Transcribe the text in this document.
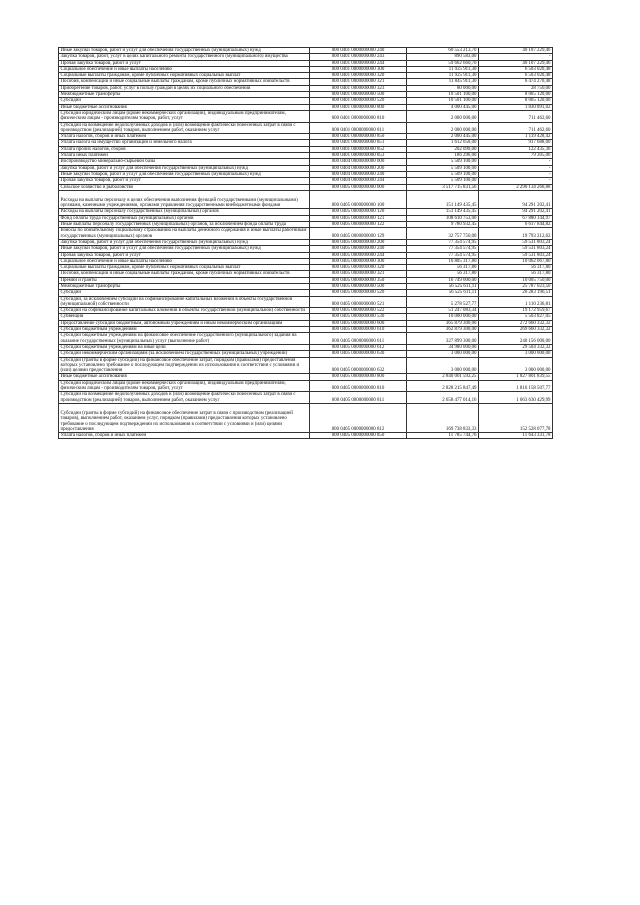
Иные закупки товаров, работ и услуг для обеспечения государственных (муниципальных) нужд	000 0401 0000000000 240	60 553 213,70	40 107 229,46
Закупка товаров, работ, услуг в целях капитального ремонта государственного (муниципального) имущества	000 0401 0000000000 243	890 583,00	-
Прочая закупка товаров, работ и услуг	000 0401 0000000000 244	59 662 660,70	40 107 229,46
Социальное обеспечение и иные выплаты населению	000 0401 0000000000 300	11 925 911,30	6 503 020,48
Социальные выплаты гражданам, кроме публичных нормативных социальных выплат	000 0401 0000000000 320	11 925 911,30	6 503 020,48
Пособия, компенсации и иные социальные выплаты гражданам, кроме публичных нормативных обязательств	000 0401 0000000000 321	11 845 911,30	6 474 270,48
Приобретение товаров, работ, услуг в пользу граждан в целях их социального обеспечения	000 0401 0000000000 323	80 000,00	28 750,00
Межбюджетные трансферты	000 0401 0000000000 500	10 501 100,00	8 065 120,00
Субсидии	000 0401 0000000000 520	10 501 100,00	8 065 120,00
Иные бюджетные ассигнования	000 0401 0000000000 800	4 000 445,00	1 830 891,02
Субсидии юридическим лицам (кроме некоммерческих организаций), индивидуальным предпринимателям, физическим лицам - производителям товаров, работ, услуг	000 0401 0000000000 810	2 000 000,00	711 462,60
Субсидии на возмещение недополученных доходов и (или) возмещение фактически понесенных затрат в связи с производством (реализацией) товаров, выполнением работ, оказанием услуг	000 0401 0000000000 811	2 000 000,00	711 462,60
Уплата налогов, сборов и иных платежей	000 0401 0000000000 850	2 000 445,00	1 119 428,42
Уплата налога на имущество организаций и земельного налога	000 0401 0000000000 851	1 612 050,00	917 688,00
Уплата прочих налогов, сборов	000 0401 0000000000 852	202 099,00	122 435,36
Уплата иных платежей	000 0401 0000000000 853	186 296,00	79 305,06
Воспроизводство минерально-сырьевой базы	000 0404 0000000000 000	5 509 100,00	-
Закупка товаров, работ и услуг для обеспечения государственных (муниципальных) нужд	000 0404 0000000000 200	5 509 100,00	-
Иные закупки товаров, работ и услуг для обеспечения государственных (муниципальных) нужд	000 0404 0000000000 240	5 509 100,00	-
Прочая закупка товаров, работ и услуг	000 0404 0000000000 244	5 509 100,00	-
Сельское хозяйство и рыболовство	000 0405 0000000000 000	3 517 715 831,56	2 290 134 268,88
Расходы на выплаты персоналу в целях обеспечения выполнения функций государственными (муниципальными) органами, казенными учреждениями, органами управления государственными внебюджетными фондами	000 0405 0000000000 100	151 149 435,45	94 291 202,41
Расходы на выплаты персоналу государственных (муниципальных) органов	000 0405 0000000000 120	151 149 435,45	94 291 202,41
Фонд оплаты труда государственных (муниципальных) органов	000 0405 0000000000 121	108 610 753,00	67 880 144,97
Иные выплаты персоналу государственных (муниципальных) органов, за исключением фонда оплаты труда	000 0405 0000000000 122	9 780 932,45	6 617 844,82
Взносы по обязательному социальному страхованию на выплаты денежного содержания и иные выплаты работникам государственных (муниципальных) органов	000 0405 0000000000 129	32 757 750,00	19 793 212,62
Закупка товаров, работ и услуг для обеспечения государственных (муниципальных) нужд	000 0405 0000000000 200	77 354 574,95	59 531 803,24
Иные закупки товаров, работ и услуг для обеспечения государственных (муниципальных) нужд	000 0405 0000000000 240	77 354 574,95	59 531 803,24
Прочая закупка товаров, работ и услуг	000 0405 0000000000 244	77 354 574,95	59 531 803,24
Социальное обеспечение и иные выплаты населению	000 0405 0000000000 300	16 805 317,80	10 062 067,80
Социальные выплаты гражданам, кроме публичных нормативных социальных выплат	000 0405 0000000000 320	56 317,80	56 317,80
Пособия, компенсации и иные социальные выплаты гражданам, кроме публичных нормативных обязательств	000 0405 0000000000 321	56 317,80	56 317,80
Премии и гранты	000 0405 0000000000 350	16 749 000,00	10 005 750,00
Межбюджетные трансферты	000 0405 0000000000 500	56 525 611,11	25 787 023,50
Субсидии	000 0405 0000000000 520	56 525 611,11	20 283 196,51
Субсидии, за исключением субсидий на софинансирование капитальных вложений в объекты государственной (муниципальной) собственности	000 0405 0000000000 521	5 278 527,77	1 110 236,81
Субсидии на софинансирование капитальных вложений в объекты государственной (муниципальной) собственности	000 0405 0000000000 522	51 247 083,34	19 172 959,67
Субвенции	000 0405 0000000000 530	10 000 000,00	5 503 827,05
Предоставление субсидий бюджетным, автономным учреждениям и иным некоммерческим организациям	000 0405 0000000000 600	365 879 300,00	272 660 332,32
Субсидии бюджетным учреждениям	000 0405 0000000000 610	362 879 300,00	269 660 332,32
Субсидии бюджетным учреждениям на финансовое обеспечение государственного (муниципального) задания на оказание государственных (муниципальных) услуг (выполнение работ)	000 0405 0000000000 611	327 899 300,00	240 156 000,00
Субсидии бюджетным учреждениям на иные цели	000 0405 0000000000 612	34 980 000,00	29 504 332,32
Субсидии некоммерческим организациям (за исключением государственных (муниципальных) учреждений)	000 0405 0000000000 630	3 000 000,00	3 000 000,00
Субсидии (гранты в форме субсидий) на финансовое обеспечение затрат, порядком (правилами) предоставления которых установлено требование о последующем подтверждении их использования в соответствии с условиями и (или) целями предоставления	000 0405 0000000000 632	3 000 000,00	3 000 000,00
Иные бюджетные ассигнования	000 0405 0000000000 800	2 840 001 592,25	1 827 801 839,55
Субсидии юридическим лицам (кроме некоммерческих организаций), индивидуальным предпринимателям, физическим лицам - производителям товаров, работ, услуг	000 0405 0000000000 810	2 828 215 847,49	1 816 158 507,77
Субсидии на возмещение недополученных доходов и (или) возмещение фактически понесенных затрат в связи с производством (реализацией) товаров, выполнением работ, оказанием услуг	000 0405 0000000000 811	2 658 477 014,16	1 663 630 429,99
Субсидии (гранты в форме субсидий) на финансовое обеспечение затрат в связи с производством (реализацией товаров), выполнением работ, оказанием услуг, порядком (правилами) предоставления которых установлено требование о последующем подтверждении их использования в соответствии с условиями и (или) целями предоставления	000 0405 0000000000 812	169 738 833,33	152 528 077,78
Уплата налогов, сборов и иных платежей	000 0405 0000000000 850	11 785 744,76	11 643 331,78
